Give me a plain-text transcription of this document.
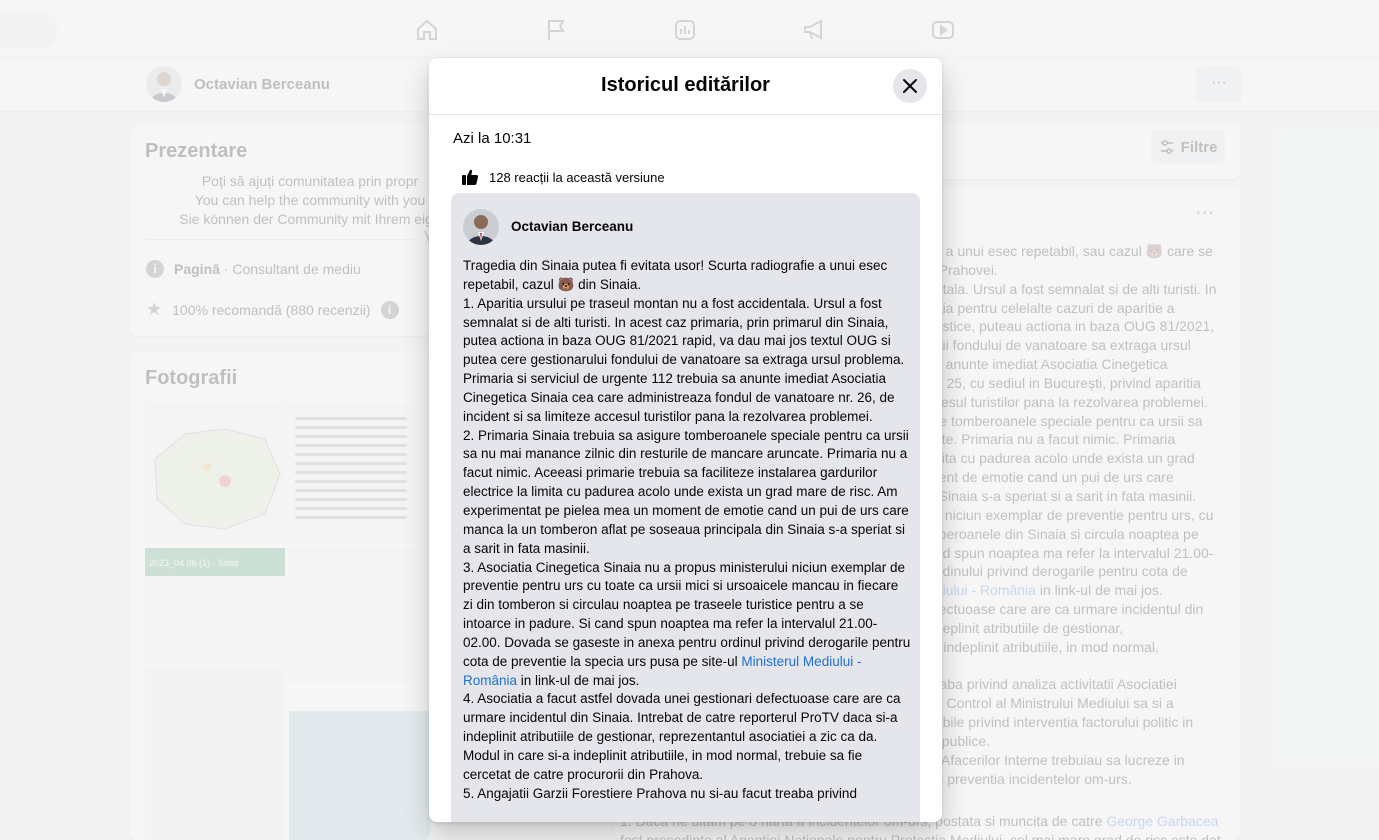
Istoricul editărilor
Azi la 10:31
128 reacții la această versiune
Octavian Berceanu

Tragedia din Sinaia putea fi evitata usor! Scurta radiografie a unui esec repetabil, cazul 🐻 din Sinaia.

1. Aparitia ursului pe traseul montan nu a fost accidentala. Ursul a fost semnalat si de alti turisti. In acest caz primaria, prin primarul din Sinaia, putea actiona in baza OUG 81/2021 rapid, va dau mai jos textul OUG si putea cere gestionarului fondului de vanatoare sa extraga ursul problema. Primaria si serviciul de urgente 112 trebuia sa anunte imediat Asociatia Cinegetica Sinaia cea care administreaza fondul de vanatoare nr. 26, de incident si sa limiteze accesul turistilor pana la rezolvarea problemei.

2. Primaria Sinaia trebuia sa asigure tomberoanele speciale pentru ca ursii sa nu mai manance zilnic din resturile de mancare aruncate. Primaria nu a facut nimic. Aceeasi primarie trebuia sa faciliteze instalarea gardurilor electrice la limita cu padurea acolo unde exista un grad mare de risc. Am experimentat pe pielea mea un moment de emotie cand un pui de urs care manca la un tomberon aflat pe soseaua principala din Sinaia s-a speriat si a sarit in fata masinii.

3. Asociatia Cinegetica Sinaia nu a propus ministerului niciun exemplar de preventie pentru urs cu toate ca ursii mici si ursoaicele mancau in fiecare zi din tomberon si circulau noaptea pe traseele turistice pentru a se intoarce in padure. Si cand spun noaptea ma refer la intervalul 21.00-02.00. Dovada se gaseste in anexa pentru ordinul privind derogarile pentru cota de preventie la specia urs pusa pe site-ul Ministerul Mediului - România in link-ul de mai jos.

4. Asociatia a facut astfel dovada unei gestionari defectuoase care are ca urmare incidentul din Sinaia. Intrebat de catre reporterul ProTV daca si-a indeplinit atributiile de gestionar, reprezentantul asociatiei a zic ca da. Modul in care si-a indeplinit atributiile, in mod normal, trebuie sa fie cercetat de catre procurorii din Prahova.

5. Angajatii Garzii Forestiere Prahova nu si-au facut treaba privind
